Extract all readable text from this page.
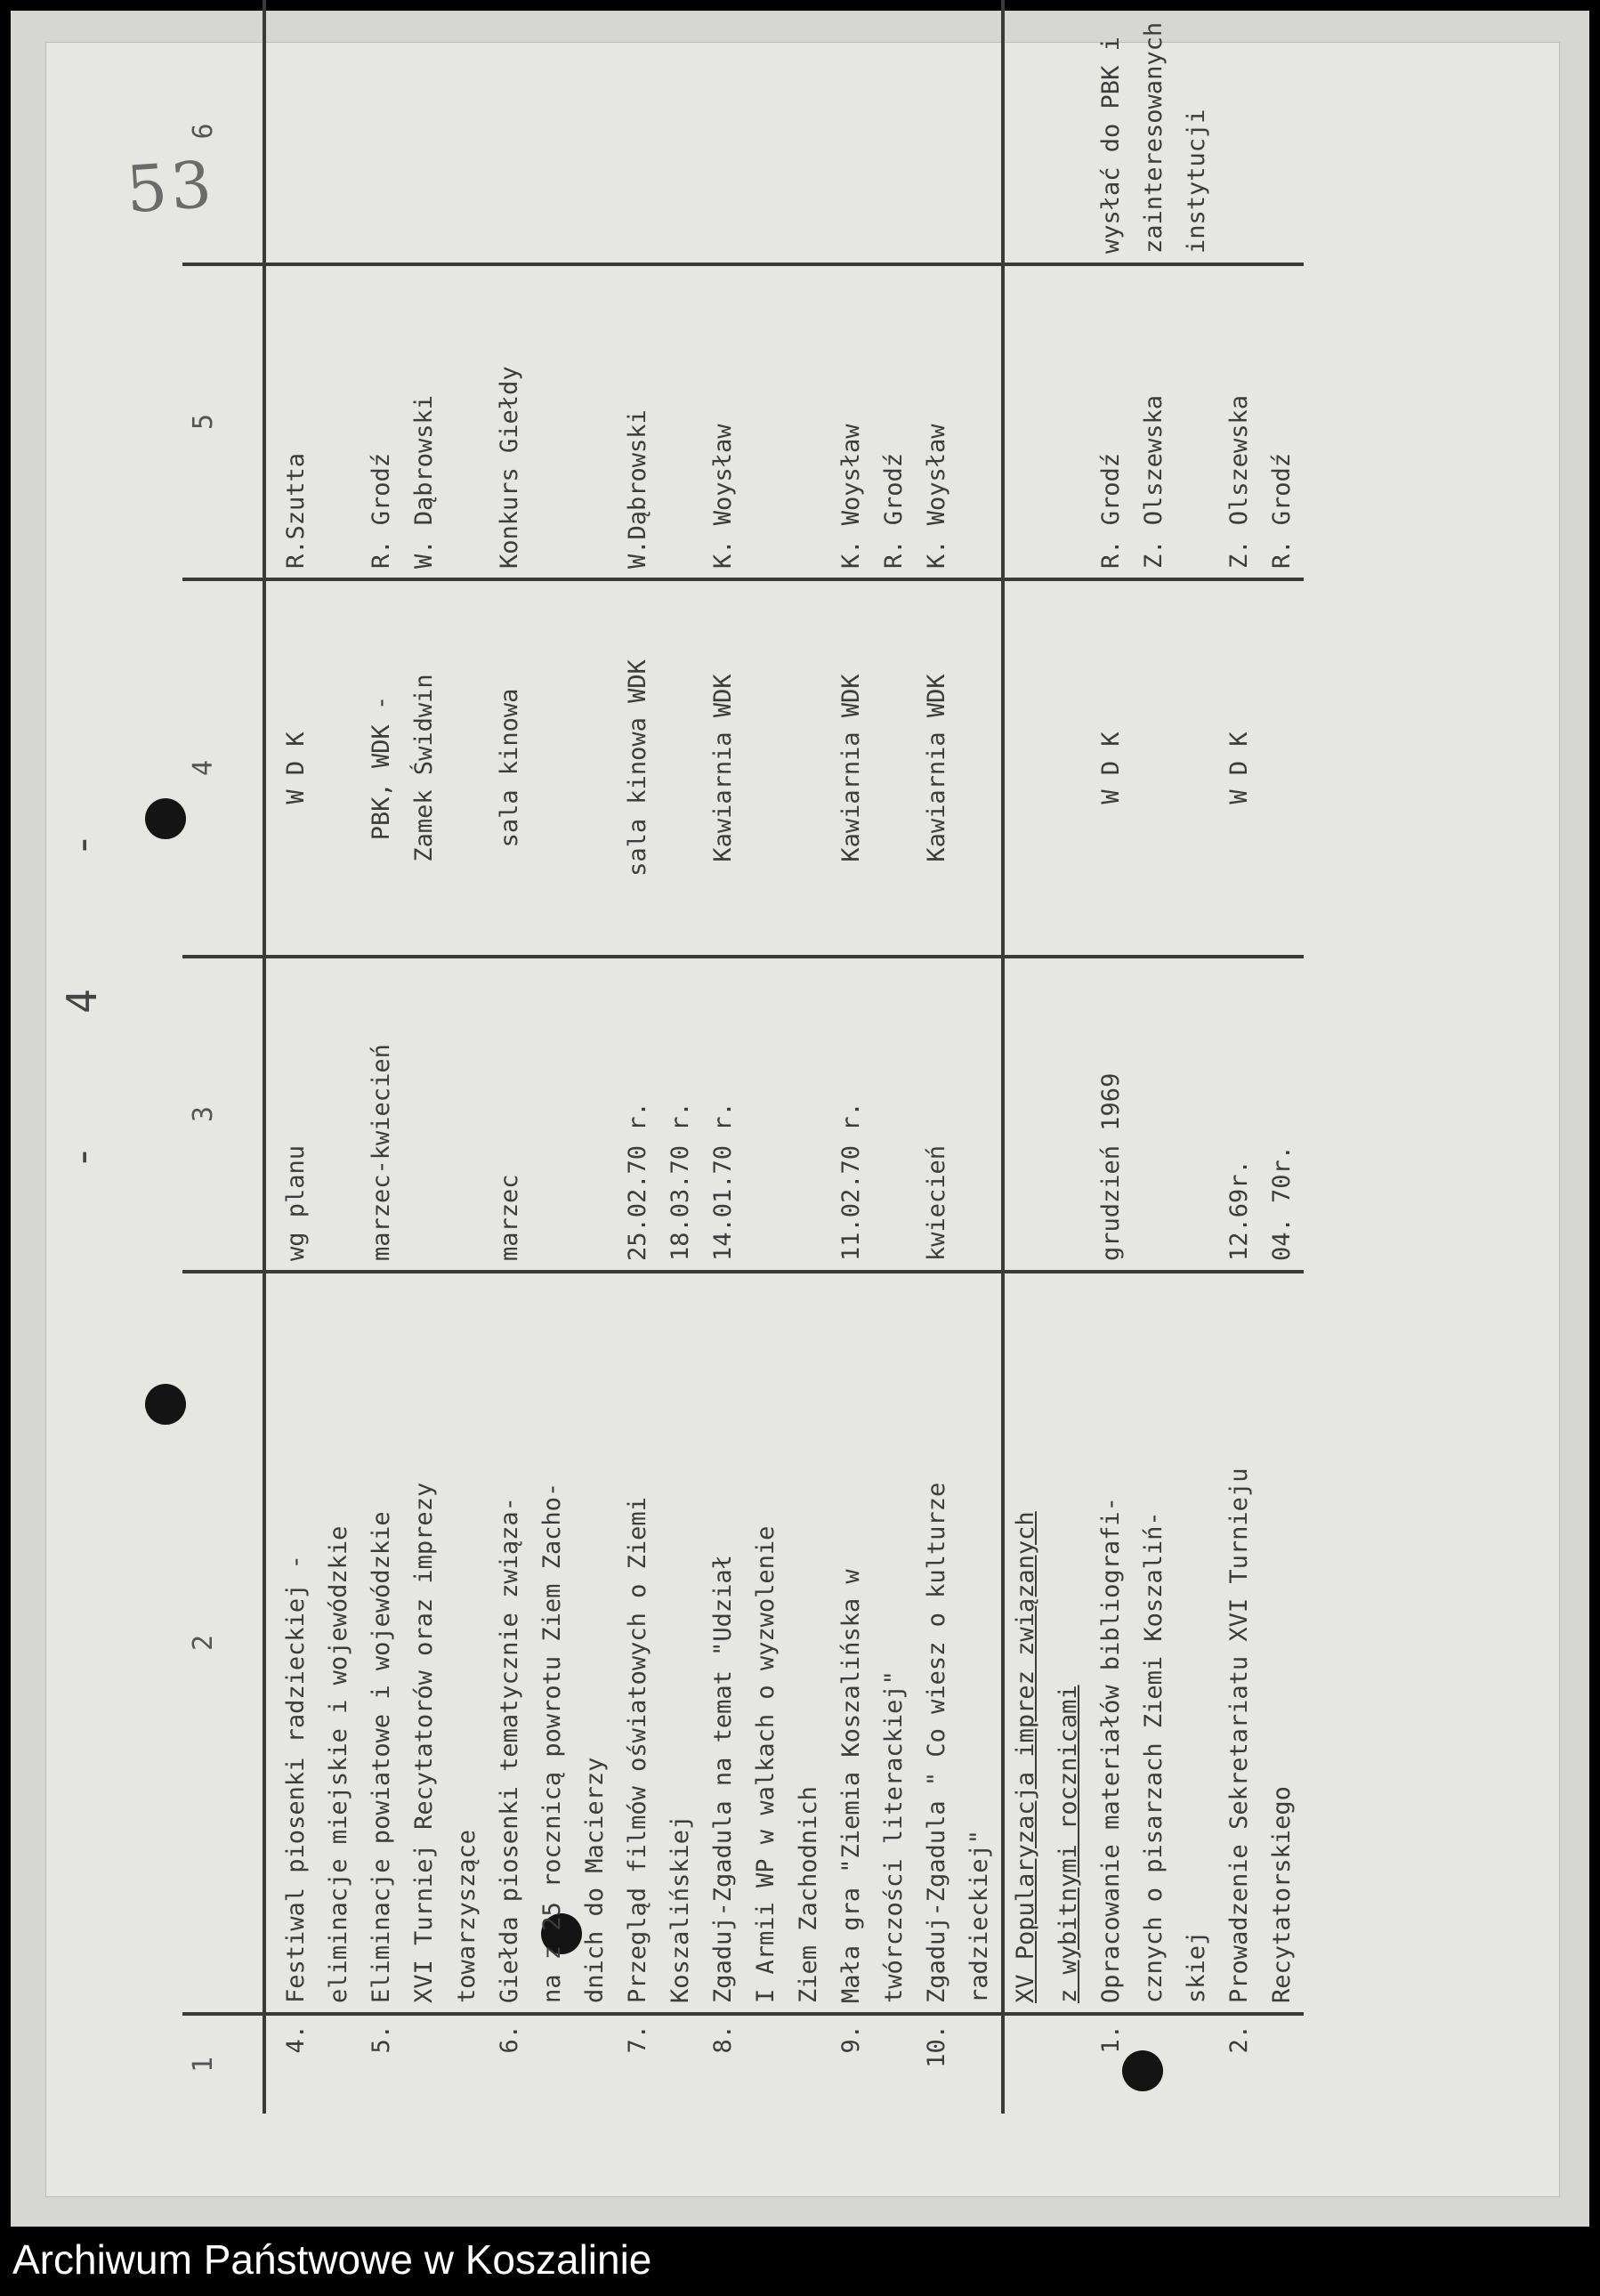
53
- 4 -
1	2	3	4	5	6

4.	Festiwal piosenki radzieckiej - eliminacje miejskie i wojewódzkie	wg planu	W D K	R.Szutta	

5.	Eliminacje powiatowe i wojewódzkie XVI Turniej Recytatorów oraz imprezy towarzyszące	marzec-kwiecień	PBK, WDK - Zamek Świdwin	R. Grodź W. Dąbrowski	

6.	Giełda piosenki tematycznie związa- na z 25 rocznicą powrotu Ziem Zacho- dnich do Macierzy	marzec	sala kinowa	Konkurs Giełdy	

7.	Przegląd filmów oświatowych o Ziemi Koszalińskiej	25.02.70 r. 18.03.70 r.	sala kinowa WDK	W.Dąbrowski	

8.	Zgaduj-Zgadula na temat "Udział I Armii WP w walkach o wyzwolenie Ziem Zachodnich	14.01.70 r.	Kawiarnia WDK	K. Woysław	

9.	Mała gra "Ziemia Koszalińska w twórczości literackiej"	11.02.70 r.	Kawiarnia WDK	K. Woysław R. Grodź	

10.	Zgaduj-Zgadula " Co wiesz o kulturze radzieckiej"	kwiecień	Kawiarnia WDK	K. Woysław	

	XV Popularyzacja imprez związanych z wybitnymi rocznicami				

1.	Opracowanie materiałów bibliografi- cznych o pisarzach Ziemi Koszaliń- skiej	grudzień 1969	W D K	R. Grodź Z. Olszewska	wysłać do PBK i zainteresowanych instytucji

2.	Prowadzenie Sekretariatu XVI Turnieju Recytatorskiego	12.69r. 04. 70r.	W D K	Z. Olszewska R. Grodź	

Archiwum Państwowe w Koszalinie
